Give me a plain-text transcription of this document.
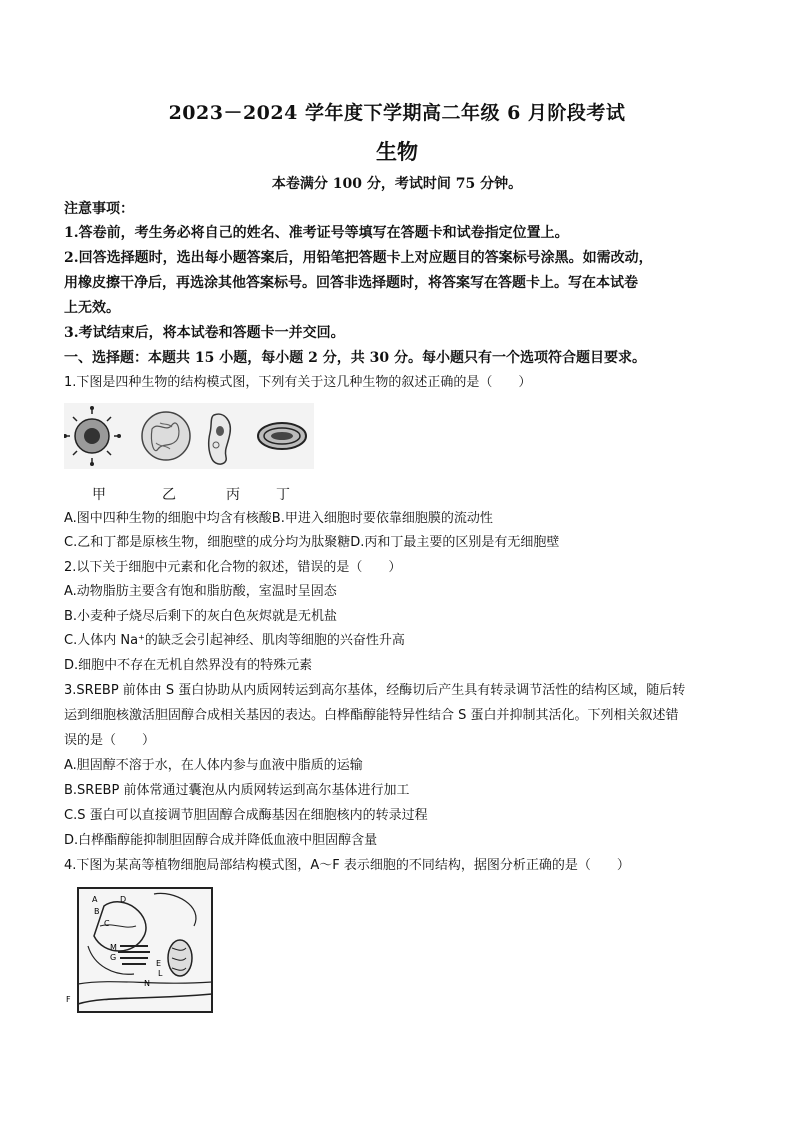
2023－2024 学年度下学期高二年级 6 月阶段考试
生物
本卷满分 100 分，考试时间 75 分钟。
注意事项：
1.答卷前，考生务必将自己的姓名、准考证号等填写在答题卡和试卷指定位置上。
2.回答选择题时，选出每小题答案后，用铅笔把答题卡上对应题目的答案标号涂黑。如需改动，
用橡皮擦干净后，再选涂其他答案标号。回答非选择题时，将答案写在答题卡上。写在本试卷
上无效。
3.考试结束后，将本试卷和答题卡一并交回。
一、选择题：本题共 15 小题，每小题 2 分，共 30 分。每小题只有一个选项符合题目要求。
1.下图是四种生物的结构模式图，下列有关于这几种生物的叙述正确的是（　　）
甲	乙	丙	丁
A.图中四种生物的细胞中均含有核酸B.甲进入细胞时要依靠细胞膜的流动性
C.乙和丁都是原核生物，细胞壁的成分均为肽聚糖D.丙和丁最主要的区别是有无细胞壁
2.以下关于细胞中元素和化合物的叙述，错误的是（　　）
A.动物脂肪主要含有饱和脂肪酸，室温时呈固态
B.小麦种子烧尽后剩下的灰白色灰烬就是无机盐
C.人体内 Na⁺的缺乏会引起神经、肌肉等细胞的兴奋性升高
D.细胞中不存在无机自然界没有的特殊元素
3.SREBP 前体由 S 蛋白协助从内质网转运到高尔基体，经酶切后产生具有转录调节活性的结构区域，随后转
运到细胞核激活胆固醇合成相关基因的表达。白桦酯醇能特异性结合 S 蛋白并抑制其活化。下列相关叙述错
误的是（　　）
A.胆固醇不溶于水，在人体内参与血液中脂质的运输
B.SREBP 前体常通过囊泡从内质网转运到高尔基体进行加工
C.S 蛋白可以直接调节胆固醇合成酶基因在细胞核内的转录过程
D.白桦酯醇能抑制胆固醇合成并降低血液中胆固醇含量
4.下图为某高等植物细胞局部结构模式图，A～F 表示细胞的不同结构，据图分析正确的是（　　）
A
B
C
D
M
G
E
L
N
F
